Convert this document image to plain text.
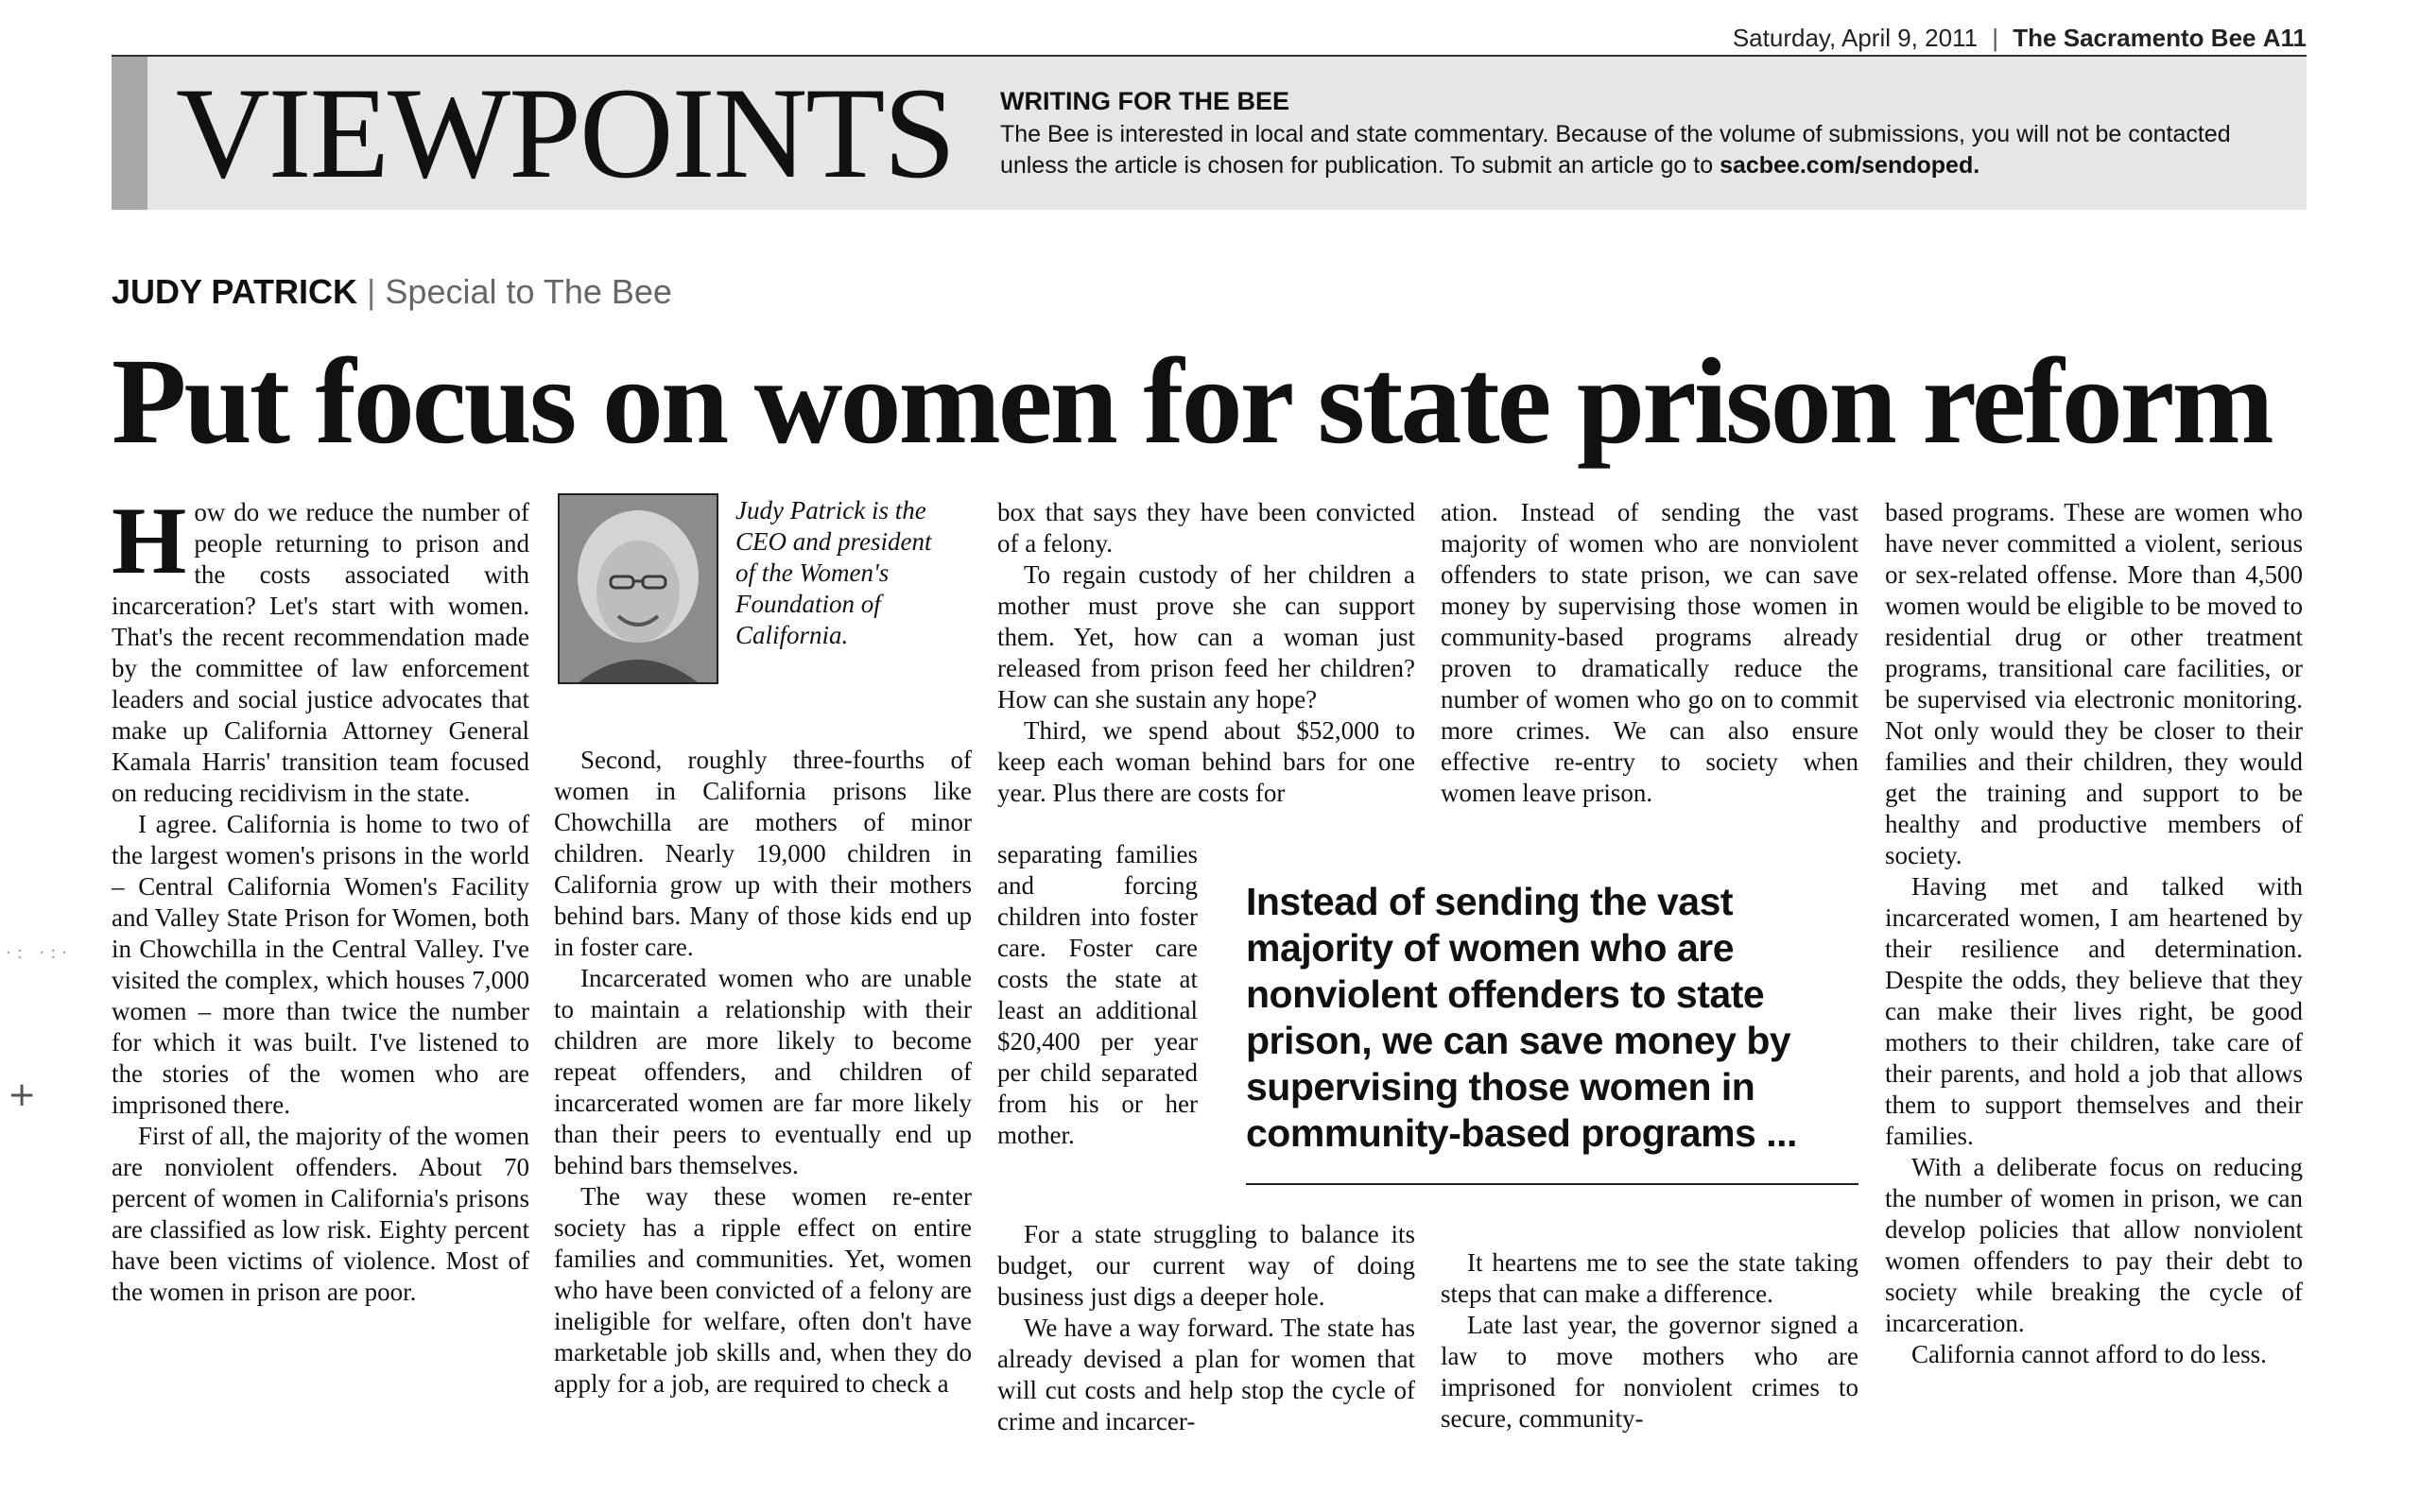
Saturday, April 9, 2011 | The Sacramento Bee A11
VIEWPOINTS WRITING FOR THE BEE
The Bee is interested in local and state commentary. Because of the volume of submissions, you will not be contacted unless the article is chosen for publication. To submit an article go to sacbee.com/sendoped.
JUDY PATRICK | Special to The Bee
Put focus on women for state prison reform
H ow do we reduce the number of people returning to prison and the costs associated with incarceration? Let's start with women. That's the recent recommendation made by the committee of law enforcement leaders and social justice advocates that make up California Attorney General Kamala Harris' transition team focused on reducing recidivism in the state.

I agree. California is home to two of the largest women's prisons in the world – Central California Women's Facility and Valley State Prison for Women, both in Chowchilla in the Central Valley. I've visited the complex, which houses 7,000 women – more than twice the number for which it was built. I've listened to the stories of the women who are imprisoned there.

First of all, the majority of the women are nonviolent offenders. About 70 percent of women in California's prisons are classified as low risk. Eighty percent have been victims of violence. Most of the women in prison are poor.

Judy Patrick is the CEO and president of the Women's Foundation of California.

Second, roughly three-fourths of women in California prisons like Chowchilla are mothers of minor children. Nearly 19,000 children in California grow up with their mothers behind bars. Many of those kids end up in foster care.

Incarcerated women who are unable to maintain a relationship with their children are more likely to become repeat offenders, and children of incarcerated women are far more likely than their peers to eventually end up behind bars themselves.

The way these women re-enter society has a ripple effect on entire families and communities. Yet, women who have been convicted of a felony are ineligible for welfare, often don't have marketable job skills and, when they do apply for a job, are required to check a

box that says they have been convicted of a felony.

To regain custody of her children a mother must prove she can support them. Yet, how can a woman just released from prison feed her children? How can she sustain any hope?

Third, we spend about $52,000 to keep each woman behind bars for one year. Plus there are costs for

separating families and forcing children into foster care. Foster care costs the state at least an additional $20,400 per year per child separated from his or her mother.

For a state struggling to balance its budget, our current way of doing business just digs a deeper hole.

We have a way forward. The state has already devised a plan for women that will cut costs and help stop the cycle of crime and incarcer-

ation. Instead of sending the vast majority of women who are nonviolent offenders to state prison, we can save money by supervising those women in community-based programs already proven to dramatically reduce the number of women who go on to commit more crimes. We can also ensure effective re-entry to society when women leave prison.

It heartens me to see the state taking steps that can make a difference.

Late last year, the governor signed a law to move mothers who are imprisoned for nonviolent crimes to secure, community-

Instead of sending the vast majority of women who are nonviolent offenders to state prison, we can save money by supervising those women in community-based programs ...

based programs. These are women who have never committed a violent, serious or sex-related offense. More than 4,500 women would be eligible to be moved to residential drug or other treatment programs, transitional care facilities, or be supervised via electronic monitoring. Not only would they be closer to their families and their children, they would get the training and support to be healthy and productive members of society.

Having met and talked with incarcerated women, I am heartened by their resilience and determination. Despite the odds, they believe that they can make their lives right, be good mothers to their children, take care of their parents, and hold a job that allows them to support themselves and their families.

With a deliberate focus on reducing the number of women in prison, we can develop policies that allow nonviolent women offenders to pay their debt to society while breaking the cycle of incarceration.

California cannot afford to do less.

·: ·:·
+
